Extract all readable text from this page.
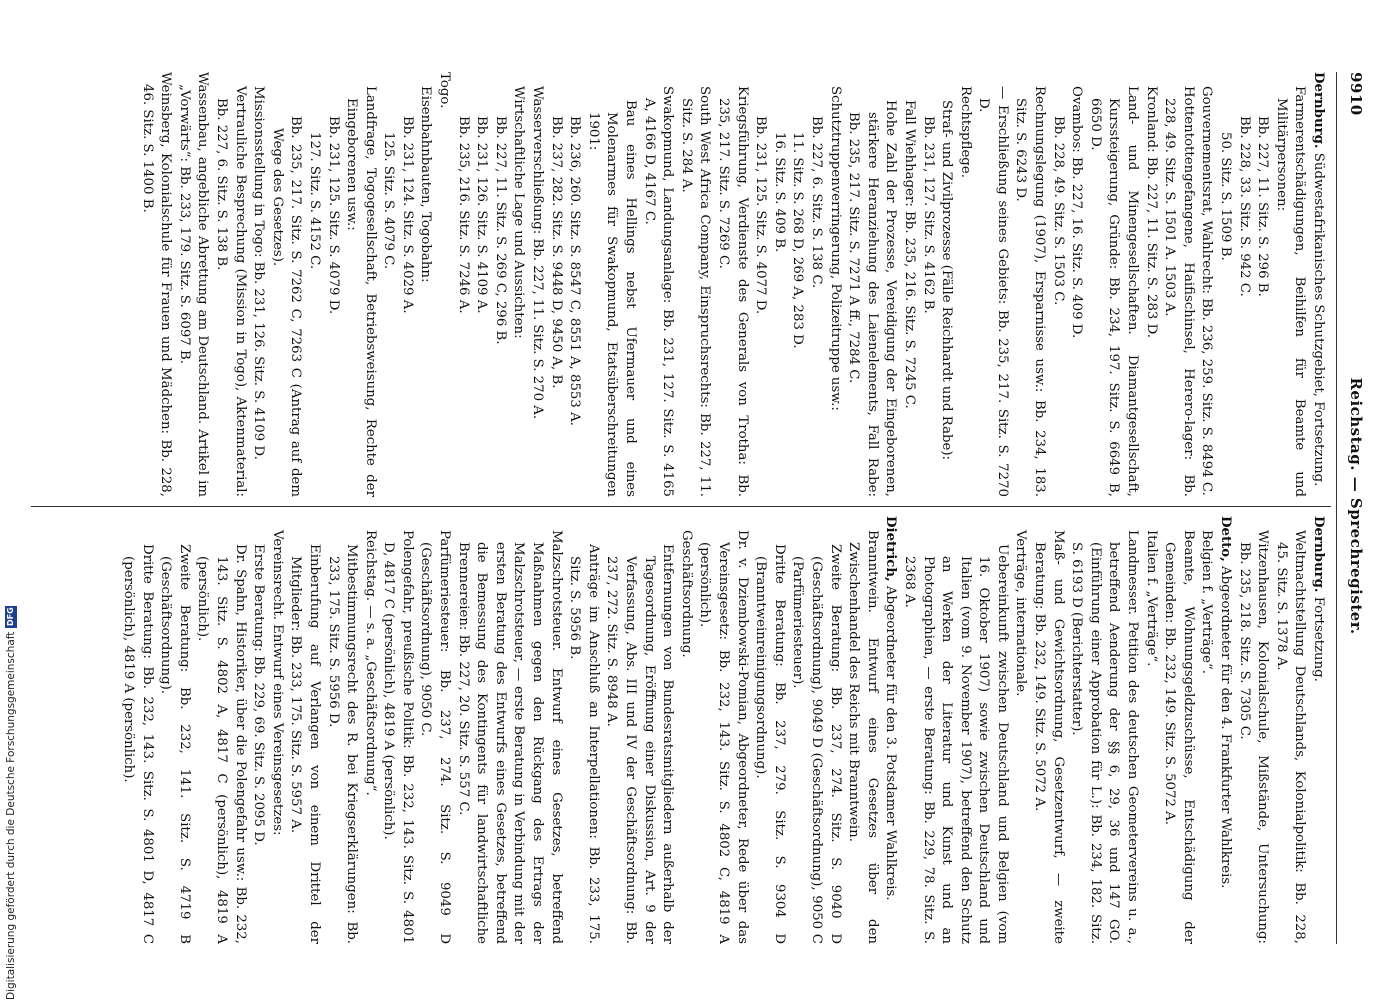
9910
Reichstag. — Sprechregister.

Dernburg. Südwestafrikanisches Schutzgebiet, Fortsetzung.

Farmerentschädigungen, Beihilfen für Beamte und Militärpersonen:

Bb. 227, 11. Sitz. S. 296 B.

Bb. 228, 33. Sitz. S. 942 C.

50. Sitz. S. 1509 B.

Gouvernementsrat, Wahlrecht: Bb. 236, 259. Sitz. S. 8494 C.

Hottentottengefangene, Haifischinsel, Herero-lager: Bb. 228, 49. Sitz. S. 1501 A. 1503 A.

Kronland: Bb. 227, 11. Sitz. S. 283 D.

Land- und Minengesellschaften. Diamantgesellschaft, Kurssteigerung, Gründe: Bb. 234, 197. Sitz. S. 6649 B, 6650 D.

Ovambos: Bb. 227, 16. Sitz. S. 409 D.

Bb. 228, 49. Sitz. S. 1503 C.

Rechnungslegung (1907), Ersparnisse usw.: Bb. 234, 183. Sitz. S. 6243 D.

— Erschließung seines Gebiets: Bb. 235, 217. Sitz. S. 7270 D.

Rechtspflege.

Straf- und Zivilprozesse (Fälle Reichhardt und Rabe):

Bb. 231, 127. Sitz. S. 4162 B.

Fall Wiehhager: Bb. 235, 216. Sitz. S. 7245 C.

Hohe Zahl der Prozesse, Vereidigung der Eingeborenen, stärkere Heranziehung des Laienelements, Fall Rabe: Bb. 235, 217. Sitz. S. 7271 A ff., 7284 C.

Schutztruppenverringerung, Polizeitruppe usw.:

Bb. 227, 6. Sitz. S. 138 C.

11. Sitz. S. 268 D, 269 A, 283 D.

16. Sitz. S. 409 B.

Bb. 231, 125. Sitz. S. 4077 D.

Kriegsführung, Verdienste des Generals von Trotha: Bb. 235, 217. Sitz. S. 7269 C.

South West Africa Company, Einspruchsrechts: Bb. 227, 11. Sitz. S. 284 A.

Swakopmund, Landungsanlage: Bb. 231, 127. Sitz. S. 4165 A, 4166 D, 4167 C.

Bau eines Hellings nebst Ufermauer und eines Molenarmes für Swakopmund, Etatsüberschreitungen 1901:

Bb. 236, 260. Sitz. S. 8547 C, 8551 A, 8553 A.

Bb. 237, 282. Sitz. S. 9448 D, 9450 A, B.

Wasserverschließung: Bb. 227, 11. Sitz. S. 270 A.

Wirtschaftliche Lage und Aussichten:

Bb. 227, 11. Sitz. S. 269 C, 296 B.

Bb. 231, 126. Sitz. S. 4109 A.

Bb. 235, 216. Sitz. S. 7246 A.

Togo.

Eisenbahnbauten, Togobahn:

Bb. 231, 124. Sitz. S. 4029 A.

125. Sitz. S. 4079 C.

Landfrage, Togogesellschaft, Betriebsweisung, Rechte der Eingeborenen usw.:

Bb. 231, 125. Sitz. S. 4079 D.

127. Sitz. S. 4152 C.

Bb. 235, 217. Sitz. S. 7262 C, 7263 C (Antrag auf dem Wege des Gesetzes).

Missionsstellung in Togo: Bb. 231, 126. Sitz. S. 4109 D.

Vertrauliche Besprechung (Mission in Togo), Aktenmaterial: Bb. 227, 6. Sitz. S. 138 B.

Wassenbau, angebliche Abrettung am Deutschland. Artikel im „Vorwärts“: Bb. 233, 179. Sitz. S. 6097 B.

Weinsberg, Kolonialschule für Frauen und Mädchen: Bb. 228, 46. Sitz. S. 1400 B.

Dernburg. Fortsetzung.

Weltmachtstellung Deutschlands, Kolonialpolitik: Bb. 228, 45. Sitz. S. 1378 A.

Witzenhausen, Kolonialschule, Mißstände, Untersuchung: Bb. 235, 218. Sitz. S. 7305 C.

Detto, Abgeordneter für den 4. Frankfurter Wahlkreis.

Belgien f. „Verträge“.

Beamte, Wohnungsgeldzuschüsse, Entschädigung der Gemeinden: Bb. 232, 149. Sitz. S. 5072 A.

Italien f. „Verträge“.

Landmesser. Petition des deutschen Geometervereins u. a., betreffend Aenderung der §§ 6, 29, 36 und 147 GO. (Einführung einer Approbation für L.): Bb. 234, 182. Sitz. S. 6193 D (Berichterstatter).

Maß- und Gewichtsordnung, Gesetzentwurf, — zweite Beratung: Bb. 232, 149. Sitz. S. 5072 A.

Verträge, internationale.

Uebereinkunft zwischen Deutschland und Belgien (vom 16. Oktober 1907) sowie zwischen Deutschland und Italien (vom 9. November 1907), betreffend den Schutz an Werken der Literatur und Kunst und an Photographien, — erste Beratung: Bb. 229, 78. Sitz. S. 2368 A.

Dietrich, Abgeordneter für den 3. Potsdamer Wahlkreis.

Branntwein. Entwurf eines Gesetzes über den Zwischenhandel des Reichs mit Branntwein.

Zweite Beratung: Bb. 237, 274. Sitz. S. 9040 D (Geschäftsordnung), 9049 D (Geschäftsordnung), 9050 C (Parfümeriesteuer).

Dritte Beratung: Bb. 237, 279. Sitz. S. 9304 D (Branntweinreinigungsordnung).

Dr. v. Dziembowski-Pomian, Abgeordneter, Rede über das Vereinsgesetz: Bb. 232, 143. Sitz. S. 4802 C, 4819 A (persönlich).

Geschäftsordnung.

Entfernungen von Bundesratsmitgliedern außerhalb der Tagesordnung, Eröffnung einer Diskussion, Art. 9 der Verfassung, Abs. III und IV der Geschäftsordnung: Bb. 237, 272. Sitz. S. 8948 A.

Anträge im Anschluß an Interpellationen: Bb. 233, 175. Sitz. S. 5956 B.

Malzschrotsteuer. Entwurf eines Gesetzes, betreffend Maßnahmen gegen den Rückgang des Ertrags der Malzschrotsteuer, — erste Beratung in Verbindung mit der ersten Beratung des Entwurfs eines Gesetzes, betreffend die Bemessung des Kontingents für landwirtschaftliche Brennereien: Bb. 227, 20. Sitz. S. 557 C.

Parfümeriesteuer: Bb. 237, 274. Sitz. S. 9049 D (Geschäftsordnung), 9050 C.

Polengefahr, preußische Politik: Bb. 232, 143. Sitz. S. 4801 D, 4817 C (persönlich), 4819 A (persönlich).

Reichstag. — s. a. „Geschäftsordnung“.

Mitbestimmungsrecht des R. bei Kriegserklärungen: Bb. 233, 175. Sitz. S. 5956 D.

Einberufung auf Verlangen von einem Drittel der Mitglieder: Bb. 233, 175. Sitz. S. 5957 A.

Vereinsrecht. Entwurf eines Vereinsgesetzes:

Erste Beratung: Bb. 229, 69. Sitz. S. 2095 D.

Dr. Spahn, Historiker, über die Polengefahr usw.: Bb. 232, 143. Sitz. S. 4802 A, 4817 C (persönlich), 4819 A (persönlich).

Zweite Beratung: Bb. 232, 141. Sitz. S. 4719 B (Geschäftsordnung).

Dritte Beratung: Bb. 232, 143. Sitz. S. 4801 D, 4817 C (persönlich), 4819 A (persönlich).

Digitalisierung gefördert durch die Deutsche ForschungsgemeinschaftDFG
